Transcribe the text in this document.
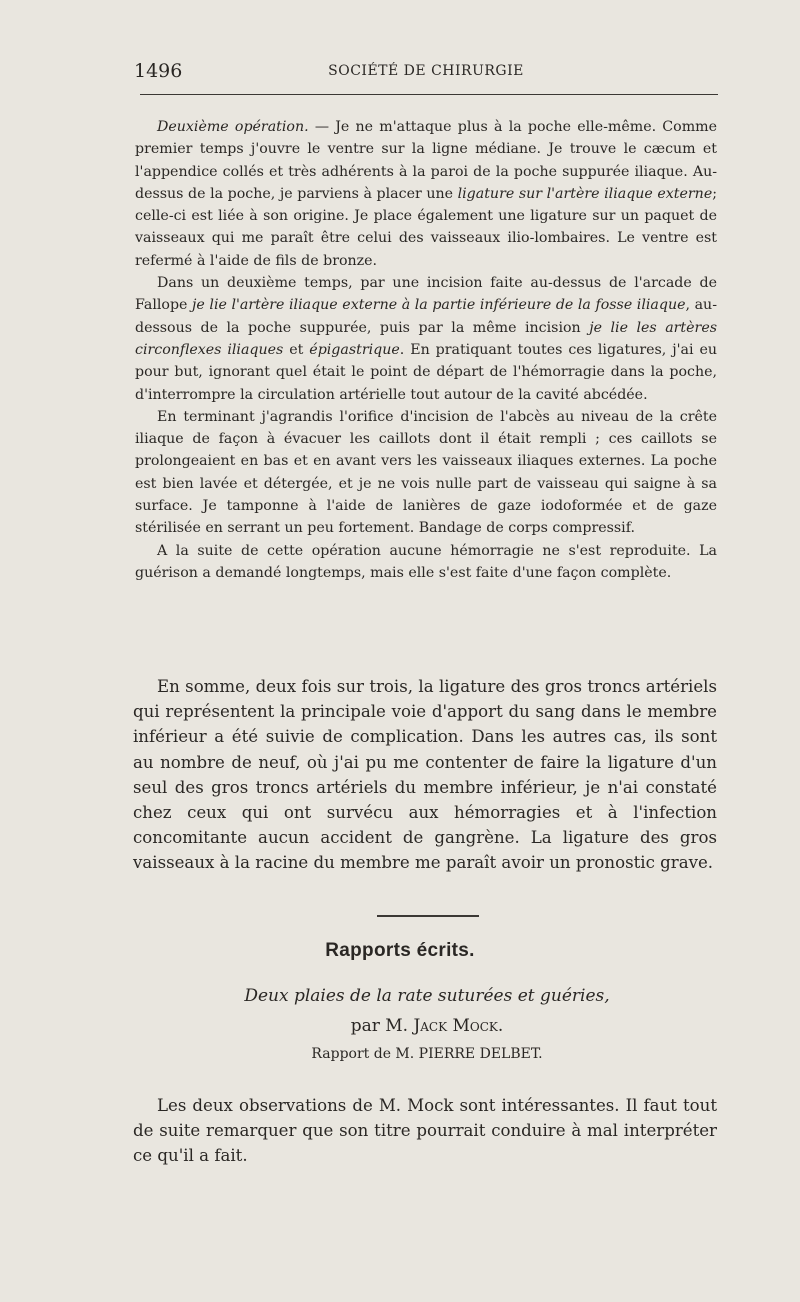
1496	SOCIÉTÉ DE CHIRURGIE

Deuxième opération. — Je ne m'attaque plus à la poche elle-même. Comme premier temps j'ouvre le ventre sur la ligne médiane. Je trouve le cæcum et l'appendice collés et très adhérents à la paroi de la poche suppurée iliaque. Au-dessus de la poche, je parviens à placer une ligature sur l'artère iliaque externe; celle-ci est liée à son origine. Je place également une ligature sur un paquet de vaisseaux qui me paraît être celui des vaisseaux ilio-lombaires. Le ventre est refermé à l'aide de fils de bronze.

Dans un deuxième temps, par une incision faite au-dessus de l'arcade de Fallope je lie l'artère iliaque externe à la partie inférieure de la fosse iliaque, au-dessous de la poche suppurée, puis par la même incision je lie les artères circonflexes iliaques et épigastrique. En pratiquant toutes ces ligatures, j'ai eu pour but, ignorant quel était le point de départ de l'hémorragie dans la poche, d'interrompre la circulation artérielle tout autour de la cavité abcédée.

En terminant j'agrandis l'orifice d'incision de l'abcès au niveau de la crête iliaque de façon à évacuer les caillots dont il était rempli ; ces caillots se prolongeaient en bas et en avant vers les vaisseaux iliaques externes. La poche est bien lavée et détergée, et je ne vois nulle part de vaisseau qui saigne à sa surface. Je tamponne à l'aide de lanières de gaze iodoformée et de gaze stérilisée en serrant un peu fortement. Bandage de corps compressif.

A la suite de cette opération aucune hémorragie ne s'est reproduite. La guérison a demandé longtemps, mais elle s'est faite d'une façon complète.

En somme, deux fois sur trois, la ligature des gros troncs artériels qui représentent la principale voie d'apport du sang dans le membre inférieur a été suivie de complication. Dans les autres cas, ils sont au nombre de neuf, où j'ai pu me contenter de faire la ligature d'un seul des gros troncs artériels du membre inférieur, je n'ai constaté chez ceux qui ont survécu aux hémorragies et à l'infection concomitante aucun accident de gangrène. La ligature des gros vaisseaux à la racine du membre me paraît avoir un pronostic grave.

Rapports écrits.
Deux plaies de la rate suturées et guéries,
par M. Jack Mock.
Rapport de M. PIERRE DELBET.

Les deux observations de M. Mock sont intéressantes. Il faut tout de suite remarquer que son titre pourrait conduire à mal interpréter ce qu'il a fait.
